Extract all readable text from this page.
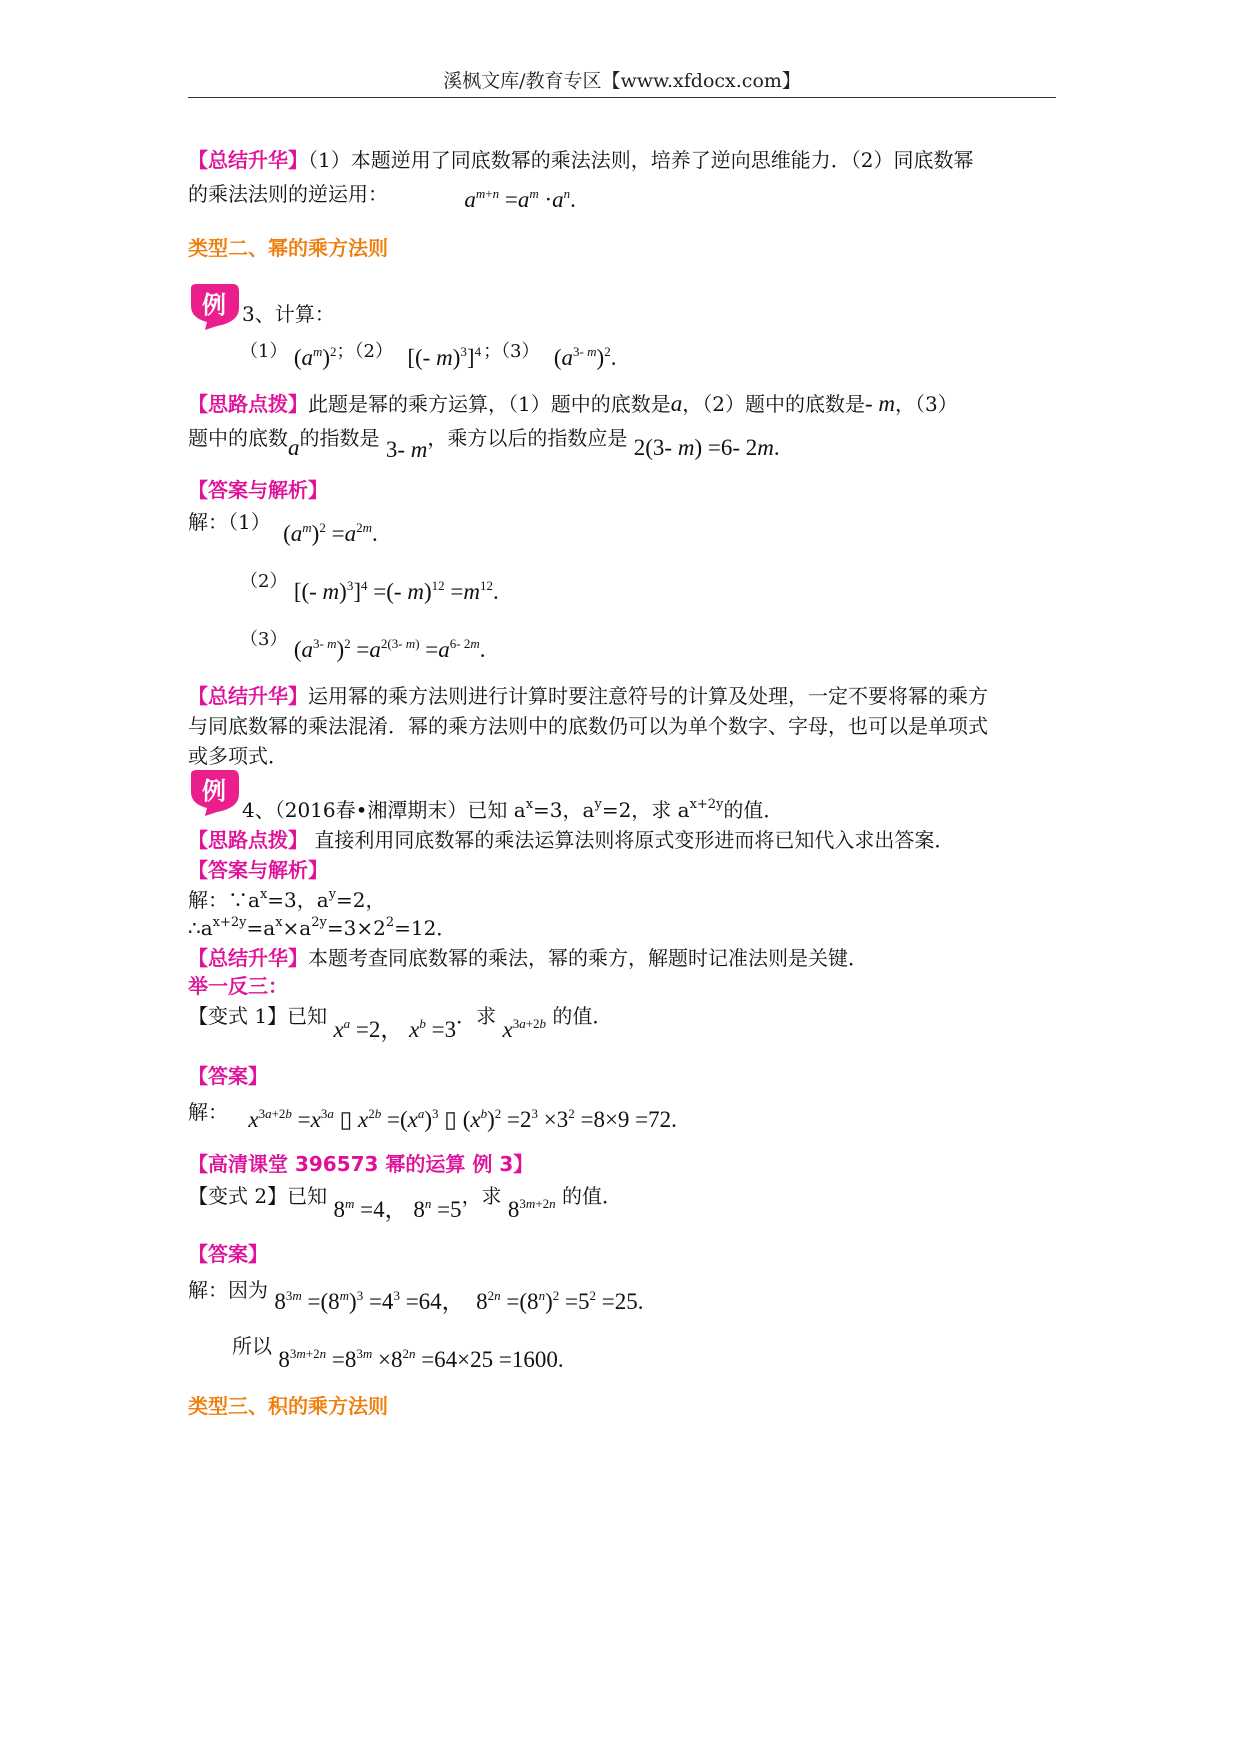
溪枫文库/教育专区【www.xfdocx.com】
【总结升华】（1）本题逆用了同底数幂的乘法法则，培养了逆向思维能力．（2）同底数幂
的乘法法则的逆运用：	$a^{m+n} =a^m \cdot a^n$.
类型二、幂的乘方法则
例 3、计算：
（1） $(a^m)^2$；（2） [(- m)$^3$]$^4$ ；（3） $(a^{3- m})^2$.
【思路点拨】此题是幂的乘方运算，（1）题中的底数是a，（2）题中的底数是- m，（3）
题中的底数a的指数是 3- m，乘方以后的指数应是 2(3- m) =6- 2m.
【答案与解析】
解：（1） $(a^m)^2 =a^{2m}$.
（2） [(- m)$^3$]$^4$ =(- $m)^{12} =m^{12}$.
（3） $(a^{3- m})^2 =a^{2(3- m)} =a^{6- 2m}$.
【总结升华】运用幂的乘方法则进行计算时要注意符号的计算及处理，一定不要将幂的乘方
与同底数幂的乘法混淆．幂的乘方法则中的底数仍可以为单个数字、字母，也可以是单项式
或多项式．
例
4、（2016春•湘潭期末）已知 $a^x=3$，$a^y=2$，求 $a^{x+2y}$的值．
【思路点拨】 直接利用同底数幂的乘法运算法则将原式变形进而将已知代入求出答案．
【答案与解析】
解：$\because a^x=3$，$a^y=2$，
$\therefore a^{x+2y}=a^x\times a^{2y}=3\times 2^2=12$．
【总结升华】本题考查同底数幂的乘法，幂的乘方，解题时记准法则是关键．
举一反三：
【变式 1】已知 $x^a =2$， $x^b =3$．求 $x^{3a+2b}$ 的值．
【答案】
解： $x^{3a+2b} =x^{3a}$ ▯ $x^{2b} =(x^a)^3$ ▯ $(x^b)^2 =2^3 \times 3^2 =8\times 9 =72$.
【高清课堂 396573 幂的运算 例 3】
【变式 2】已知 $8^m =4$， $8^n =5$，求 $8^{3m+2n}$ 的值．
【答案】
解：因为 $8^{3m} =(8^m)^3 =4^3 =64$，  $8^{2n} =(8^n)^2 =5^2 =25$.
所以 $8^{3m+2n} =8^{3m} \times 8^{2n} =64\times 25 =1600$.
类型三、积的乘方法则
